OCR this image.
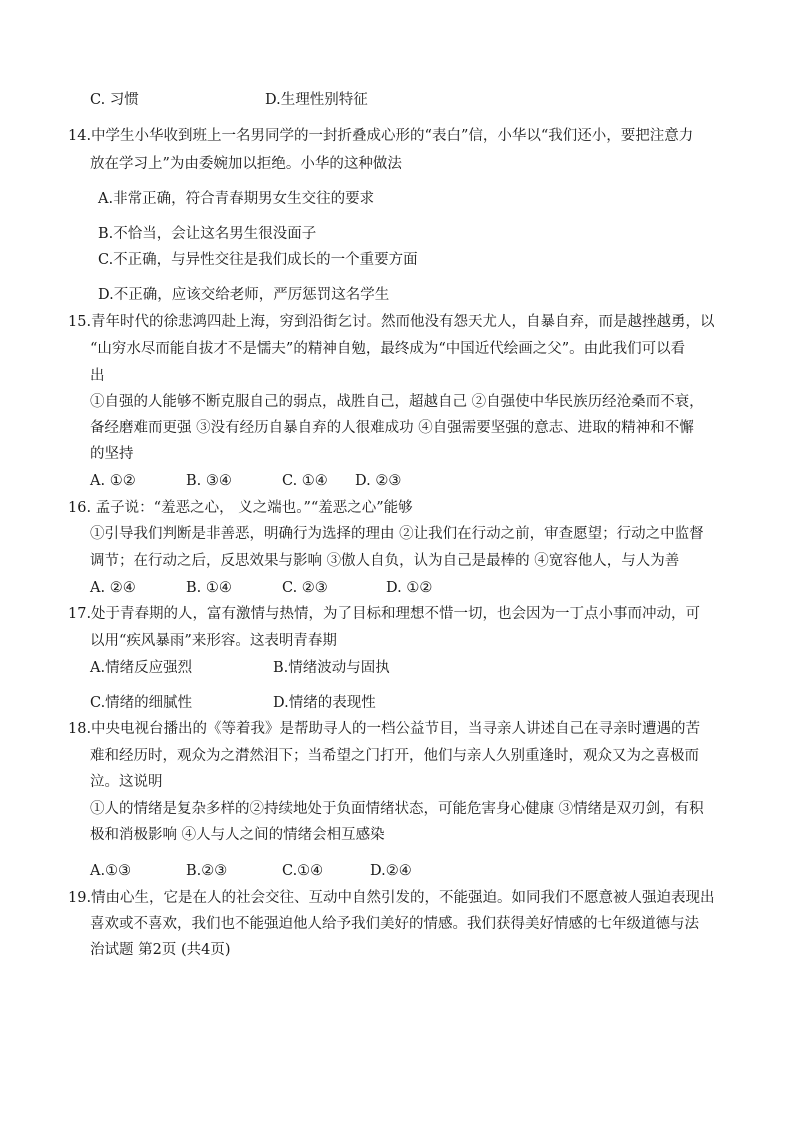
C. 习惯	D.生理性别特征
14.中学生小华收到班上一名男同学的一封折叠成心形的“表白”信，小华以“我们还小，要把注意力
放在学习上”为由委婉加以拒绝。小华的这种做法
A.非常正确，符合青春期男女生交往的要求
B.不恰当，会让这名男生很没面子
C.不正确，与异性交往是我们成长的一个重要方面
D.不正确，应该交给老师，严厉惩罚这名学生
15.青年时代的徐悲鸿四赴上海，穷到沿街乞讨。然而他没有怨天尤人，自暴自弃，而是越挫越勇，以
“山穷水尽而能自拔才不是懦夫”的精神自勉，最终成为“中国近代绘画之父”。由此我们可以看
出
①自强的人能够不断克服自己的弱点，战胜自己，超越自己 ②自强使中华民族历经沧桑而不衰，
备经磨难而更强 ③没有经历自暴自弃的人很难成功 ④自强需要坚强的意志、进取的精神和不懈
的坚持
A. ①②	B. ③④	C. ①④ D. ②③
16. 孟子说：“羞恶之心， 义之端也。”“羞恶之心”能够
①引导我们判断是非善恶，明确行为选择的理由 ②让我们在行动之前，审查愿望；行动之中监督
调节；在行动之后，反思效果与影响 ③傲人自负，认为自己是最棒的 ④宽容他人，与人为善
A. ②④	B. ①④	C. ②③	D. ①②
17.处于青春期的人，富有激情与热情，为了目标和理想不惜一切，也会因为一丁点小事而冲动，可
以用“疾风暴雨”来形容。这表明青春期
A.情绪反应强烈	B.情绪波动与固执
C.情绪的细腻性	D.情绪的表现性
18.中央电视台播出的《等着我》是帮助寻人的一档公益节目，当寻亲人讲述自己在寻亲时遭遇的苦
难和经历时，观众为之潸然泪下；当希望之门打开，他们与亲人久别重逢时，观众又为之喜极而
泣。这说明
①人的情绪是复杂多样的②持续地处于负面情绪状态，可能危害身心健康 ③情绪是双刃剑，有积
极和消极影响 ④人与人之间的情绪会相互感染
A.①③	B.②③	C.①④	D.②④
19.情由心生，它是在人的社会交往、互动中自然引发的，不能强迫。如同我们不愿意被人强迫表现出
喜欢或不喜欢，我们也不能强迫他人给予我们美好的情感。我们获得美好情感的七年级道德与法
治试题 第2页 (共4页)
